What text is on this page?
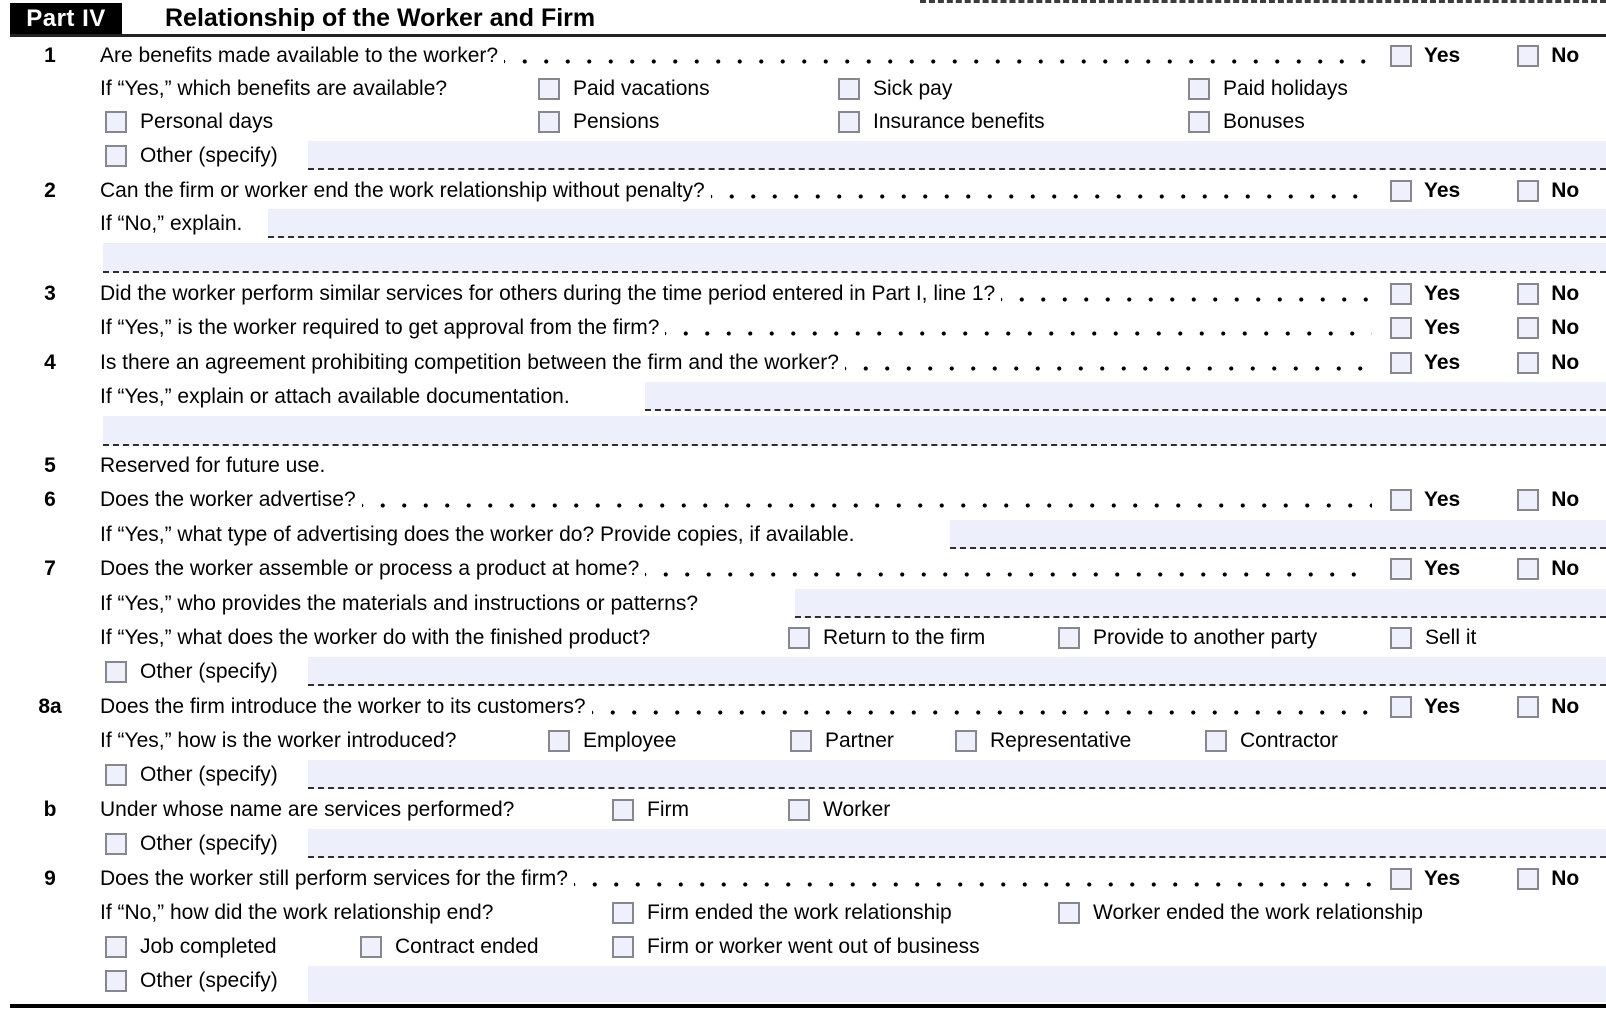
Part IV Relationship of the Worker and Firm
1	Are benefits made available to the worker?	Yes	No
If “Yes,” which benefits are available?	Paid vacations	Sick pay	Paid holidays
Personal days	Pensions	Insurance benefits	Bonuses
Other (specify)
2	Can the firm or worker end the work relationship without penalty?	Yes	No
If “No,” explain.
3	Did the worker perform similar services for others during the time period entered in Part I, line 1?	Yes	No
If “Yes,” is the worker required to get approval from the firm?	Yes	No
4	Is there an agreement prohibiting competition between the firm and the worker?	Yes	No
If “Yes,” explain or attach available documentation.
5	Reserved for future use.
6	Does the worker advertise?	Yes	No
If “Yes,” what type of advertising does the worker do? Provide copies, if available.
7	Does the worker assemble or process a product at home?	Yes	No
If “Yes,” who provides the materials and instructions or patterns?
If “Yes,” what does the worker do with the finished product?	Return to the firm	Provide to another party	Sell it
Other (specify)
8a	Does the firm introduce the worker to its customers?	Yes	No
If “Yes,” how is the worker introduced?	Employee	Partner	Representative	Contractor
Other (specify)
b	Under whose name are services performed?	Firm	Worker
Other (specify)
9	Does the worker still perform services for the firm?	Yes	No
If “No,” how did the work relationship end?	Firm ended the work relationship	Worker ended the work relationship
Job completed	Contract ended	Firm or worker went out of business
Other (specify)
